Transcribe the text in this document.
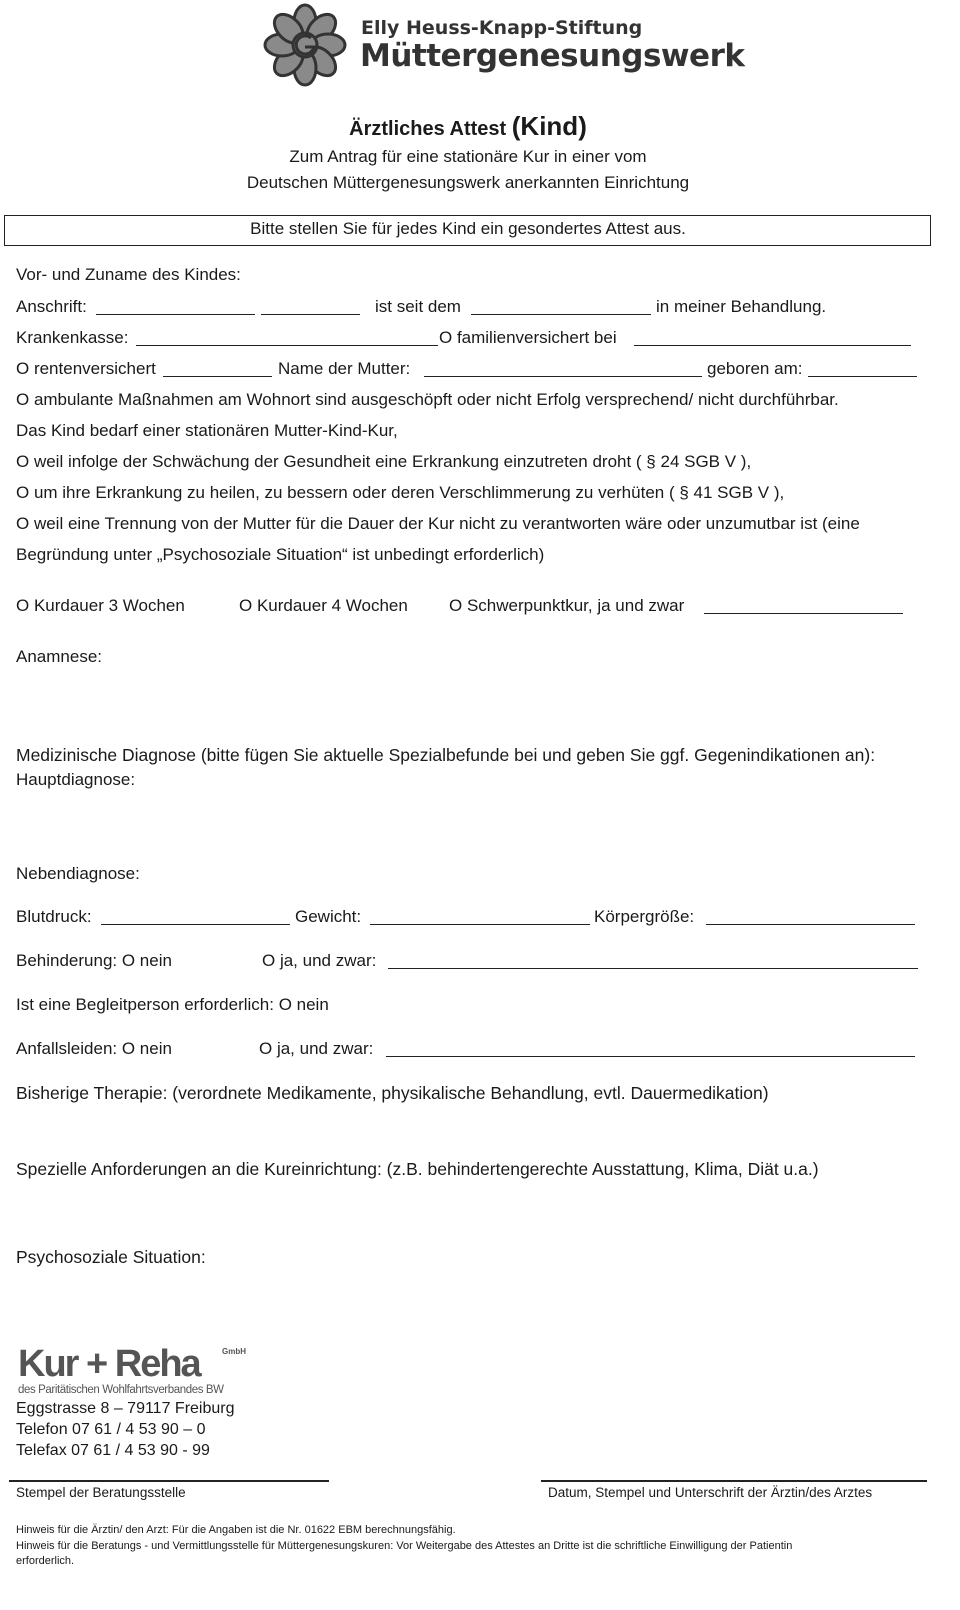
Elly Heuss-Knapp-Stiftung
Müttergenesungswerk
Ärztliches Attest (Kind)
Zum Antrag für eine stationäre Kur in einer vom
Deutschen Müttergenesungswerk anerkannten Einrichtung
Bitte stellen Sie für jedes Kind ein gesondertes Attest aus.
Vor- und Zuname des Kindes:
Anschrift:	ist seit dem	in meiner Behandlung.
Krankenkasse:	O familienversichert bei
O rentenversichert	Name der Mutter:	geboren am:
O ambulante Maßnahmen am Wohnort sind ausgeschöpft oder nicht Erfolg versprechend/ nicht durchführbar.
Das Kind bedarf einer stationären Mutter-Kind-Kur,
O weil infolge der Schwächung der Gesundheit eine Erkrankung einzutreten droht ( § 24 SGB V ),
O um ihre Erkrankung zu heilen, zu bessern oder deren Verschlimmerung zu verhüten ( § 41 SGB V ),
O weil eine Trennung von der Mutter für die Dauer der Kur nicht zu verantworten wäre oder unzumutbar ist (eine
Begründung unter „Psychosoziale Situation“ ist unbedingt erforderlich)
O Kurdauer 3 Wochen	O Kurdauer 4 Wochen O Schwerpunktkur, ja und zwar
Anamnese:
Medizinische Diagnose (bitte fügen Sie aktuelle Spezialbefunde bei und geben Sie ggf. Gegenindikationen an):
Hauptdiagnose:
Nebendiagnose:
Blutdruck:	Gewicht:	Körpergröße:
Behinderung: O nein	O ja, und zwar:
Ist eine Begleitperson erforderlich: O nein
Anfallsleiden: O nein	O ja, und zwar:
Bisherige Therapie: (verordnete Medikamente, physikalische Behandlung, evtl. Dauermedikation)
Spezielle Anforderungen an die Kureinrichtung: (z.B. behindertengerechte Ausstattung, Klima, Diät u.a.)
Psychosoziale Situation:
Kur + Reha	GmbH
des Paritätischen Wohlfahrtsverbandes BW
Eggstrasse 8 – 79117 Freiburg
Telefon 07 61 / 4 53 90 – 0
Telefax 07 61 / 4 53 90 - 99
Stempel der Beratungsstelle	Datum, Stempel und Unterschrift der Ärztin/des Arztes
Hinweis für die Ärztin/ den Arzt: Für die Angaben ist die Nr. 01622 EBM berechnungsfähig.
Hinweis für die Beratungs - und Vermittlungsstelle für Müttergenesungskuren: Vor Weitergabe des Attestes an Dritte ist die schriftliche Einwilligung der Patientin
erforderlich.
